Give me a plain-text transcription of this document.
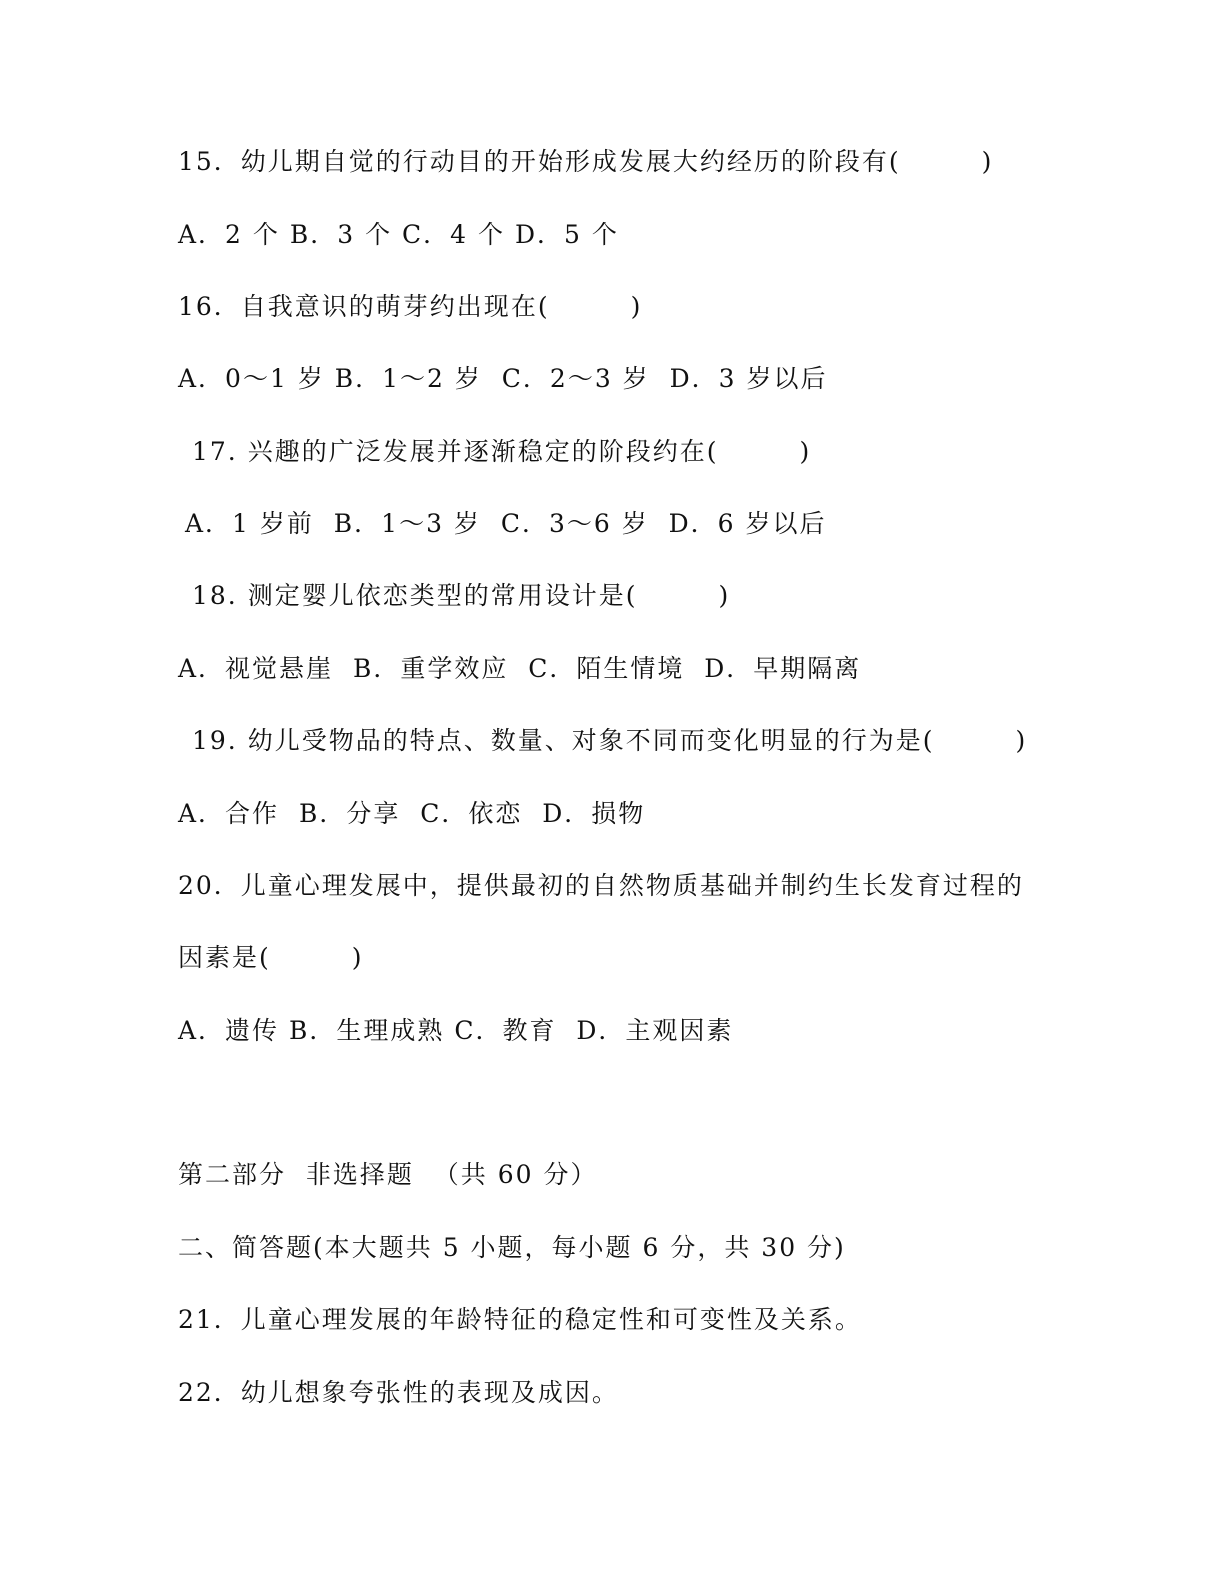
15．幼儿期自觉的行动目的开始形成发展大约经历的阶段有(　　　)
A．2 个 B．3 个 C．4 个 D．5 个
16．自我意识的萌芽约出现在(　　　)
A．0～1 岁 B．1～2 岁  C．2～3 岁  D．3 岁以后
17. 兴趣的广泛发展并逐渐稳定的阶段约在(　　　)
A．1 岁前  B．1～3 岁  C．3～6 岁  D．6 岁以后
18. 测定婴儿依恋类型的常用设计是(　　　)
A．视觉悬崖  B．重学效应  C．陌生情境  D．早期隔离
19. 幼儿受物品的特点、数量、对象不同而变化明显的行为是(　　　)
A．合作  B．分享  C．依恋  D．损物
20．儿童心理发展中，提供最初的自然物质基础并制约生长发育过程的
因素是(　　　)
A．遗传 B．生理成熟 C．教育  D．主观因素
第二部分  非选择题  （共 60 分）
二、简答题(本大题共 5 小题，每小题 6 分，共 30 分)
21．儿童心理发展的年龄特征的稳定性和可变性及关系。
22．幼儿想象夸张性的表现及成因。
